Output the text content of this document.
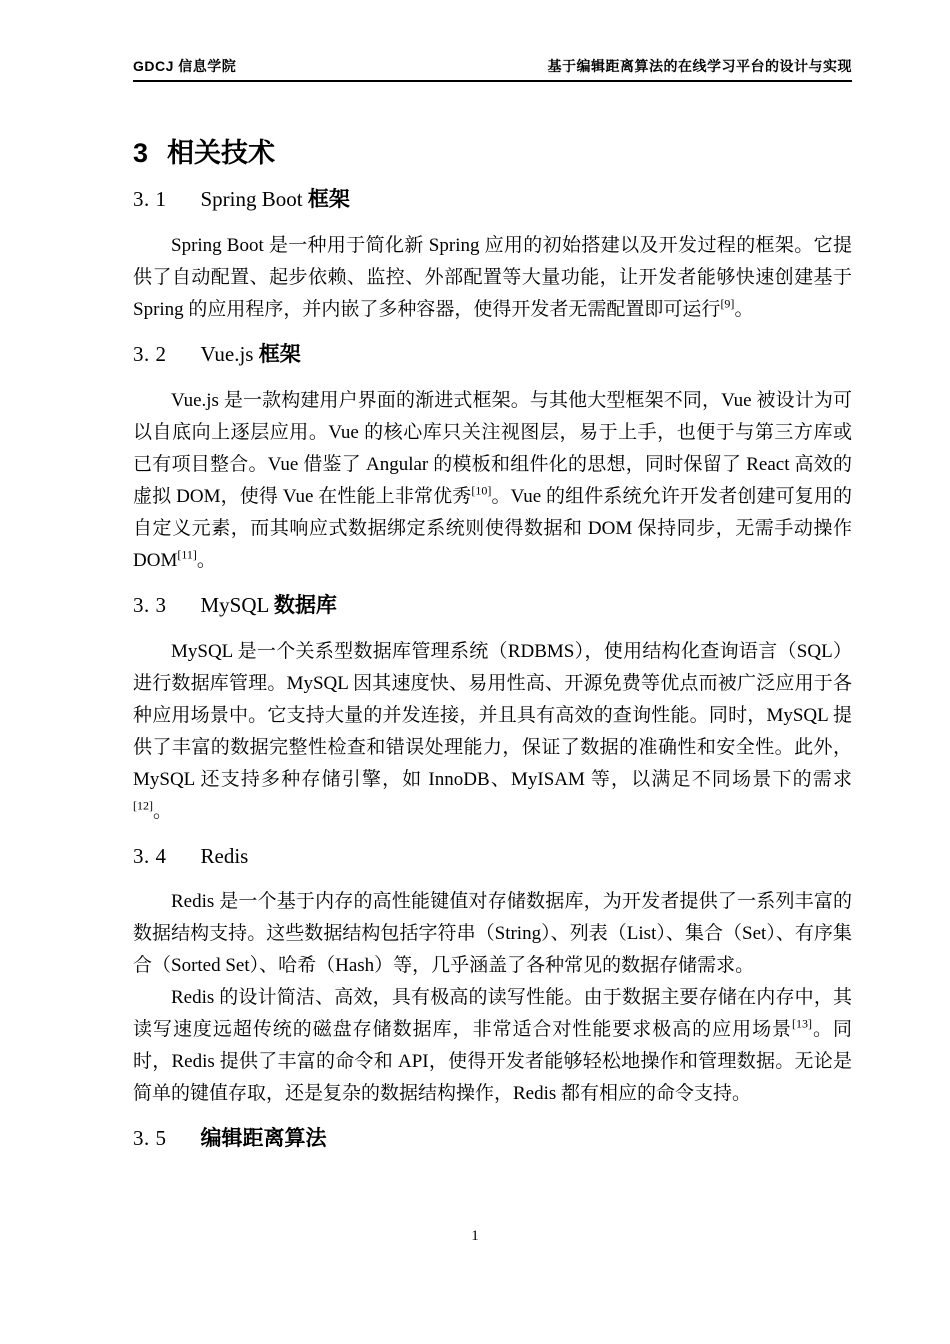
GDCJ 信息学院	基于编辑距离算法的在线学习平台的设计与实现
3 相关技术
3. 1 Spring Boot 框架

Spring Boot 是一种用于简化新 Spring 应用的初始搭建以及开发过程的框架。它提供了自动配置、起步依赖、监控、外部配置等大量功能，让开发者能够快速创建基于 Spring 的应用程序，并内嵌了多种容器，使得开发者无需配置即可运行[9]。

3. 2 Vue.js 框架

Vue.js 是一款构建用户界面的渐进式框架。与其他大型框架不同，Vue 被设计为可以自底向上逐层应用。Vue 的核心库只关注视图层，易于上手，也便于与第三方库或已有项目整合。Vue 借鉴了 Angular 的模板和组件化的思想，同时保留了 React 高效的虚拟 DOM，使得 Vue 在性能上非常优秀[10]。Vue 的组件系统允许开发者创建可复用的自定义元素，而其响应式数据绑定系统则使得数据和 DOM 保持同步，无需手动操作 DOM[11]。

3. 3 MySQL 数据库

MySQL 是一个关系型数据库管理系统（RDBMS），使用结构化查询语言（SQL）进行数据库管理。MySQL 因其速度快、易用性高、开源免费等优点而被广泛应用于各种应用场景中。它支持大量的并发连接，并且具有高效的查询性能。同时，MySQL 提供了丰富的数据完整性检查和错误处理能力，保证了数据的准确性和安全性。此外，MySQL 还支持多种存储引擎，如 InnoDB、MyISAM 等，以满足不同场景下的需求[12]。

3. 4 Redis

Redis 是一个基于内存的高性能键值对存储数据库，为开发者提供了一系列丰富的数据结构支持。这些数据结构包括字符串（String）、列表（List）、集合（Set）、有序集合（Sorted Set）、哈希（Hash）等，几乎涵盖了各种常见的数据存储需求。

Redis 的设计简洁、高效，具有极高的读写性能。由于数据主要存储在内存中，其读写速度远超传统的磁盘存储数据库，非常适合对性能要求极高的应用场景[13]。同时，Redis 提供了丰富的命令和 API，使得开发者能够轻松地操作和管理数据。无论是简单的键值存取，还是复杂的数据结构操作，Redis 都有相应的命令支持。

3. 5 编辑距离算法
1
